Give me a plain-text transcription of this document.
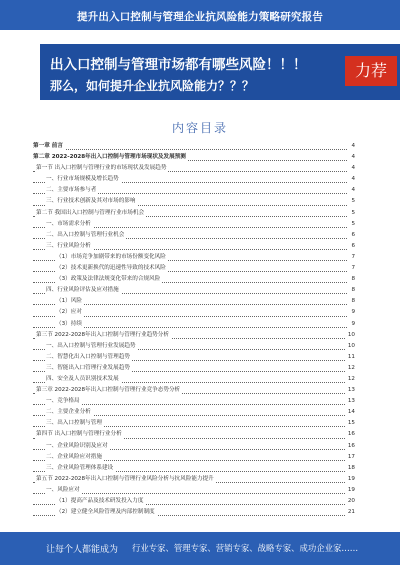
提升出入口控制与管理企业抗风险能力策略研究报告
出入口控制与管理市场都有哪些风险！！！
那么，如何提升企业抗风险能力？？？
力荐
内容目录
第一章 前言	4
第二章 2022-2028年出入口控制与管理市场现状及发展预测	4
第一节 出入口控制与管理行业的市场现状及发展趋势	4
一、行业市场规模及增长趋势	4
二、主要市场参与者	4
三、行业技术创新及其对市场的影响	5
第二节 我国出入口控制与管理行业市场机会	5
一、市场需求分析	5
二、出入口控制与管理行业机会	6
三、行业风险分析	6
（1）市场竞争加剧带来的市场份额变化风险	7
（2）技术更新换代的迅速性导致的技术风险	7
（3）政策及法律法规变化带来的合规风险	8
四、行业风险评估及应对措施	8
（1）风险	8
（2）应对	9
（3）持续	9
第三节 2022-2028年出入口控制与管理行业趋势分析	10
一、出入口控制与管理行业发展趋势	10
二、智慧化出入口控制与管理趋势	11
三、智能出入口管理行业发展趋势	12
四、安全及人员识别技术发展	12
第三章 2022-2028年出入口控制与管理行业竞争态势分析	13
一、竞争格局	13
二、主要企业分析	14
三、出入口控制与管理	15
第四节 出入口控制与管理行业分析	16
一、企业风险识别及应对	16
二、企业风险应对措施	17
三、企业风险管理体系建设	18
第五节 2022-2028年出入口控制与管理行业风险分析与抗风险能力提升	19
一、风险应对	19
（1）提高产品及技术研发投入力度	20
（2）建立健全风险管理及内部控制制度	21
让每个人都能成为 行业专家、管理专家、营销专家、战略专家、成功企业家……
